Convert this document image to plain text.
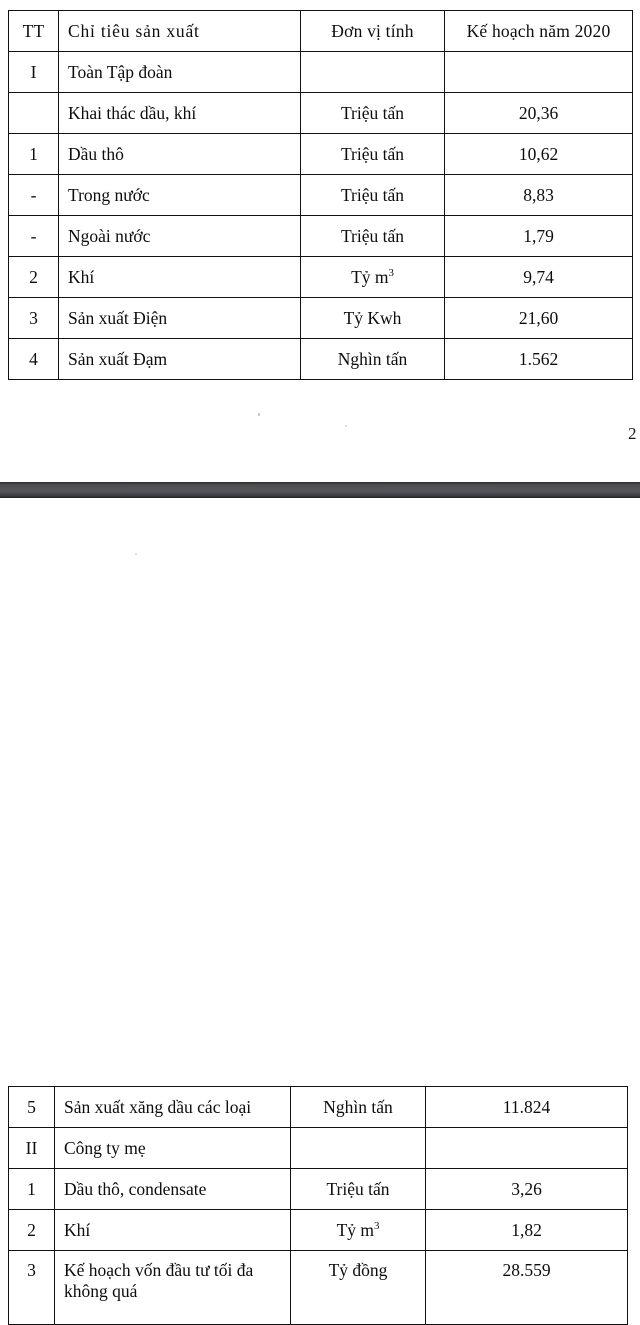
TT	Chỉ tiêu sản xuất	Đơn vị tính	Kế hoạch năm 2020
I	Toàn Tập đoàn		
	Khai thác dầu, khí	Triệu tấn	20,36
1	Dầu thô	Triệu tấn	10,62
-	Trong nước	Triệu tấn	8,83
-	Ngoài nước	Triệu tấn	1,79
2	Khí	Tỷ $m^3$	9,74
3	Sản xuất Điện	Tỷ Kwh	21,60
4	Sản xuất Đạm	Nghìn tấn	1.562
2
5	Sản xuất xăng dầu các loại	Nghìn tấn	11.824
II	Công ty mẹ		
1	Dầu thô, condensate	Triệu tấn	3,26
2	Khí	Tỷ $m^3$	1,82
3	Kế hoạch vốn đầu tư tối đa không quá	Tỷ đồng	28.559
